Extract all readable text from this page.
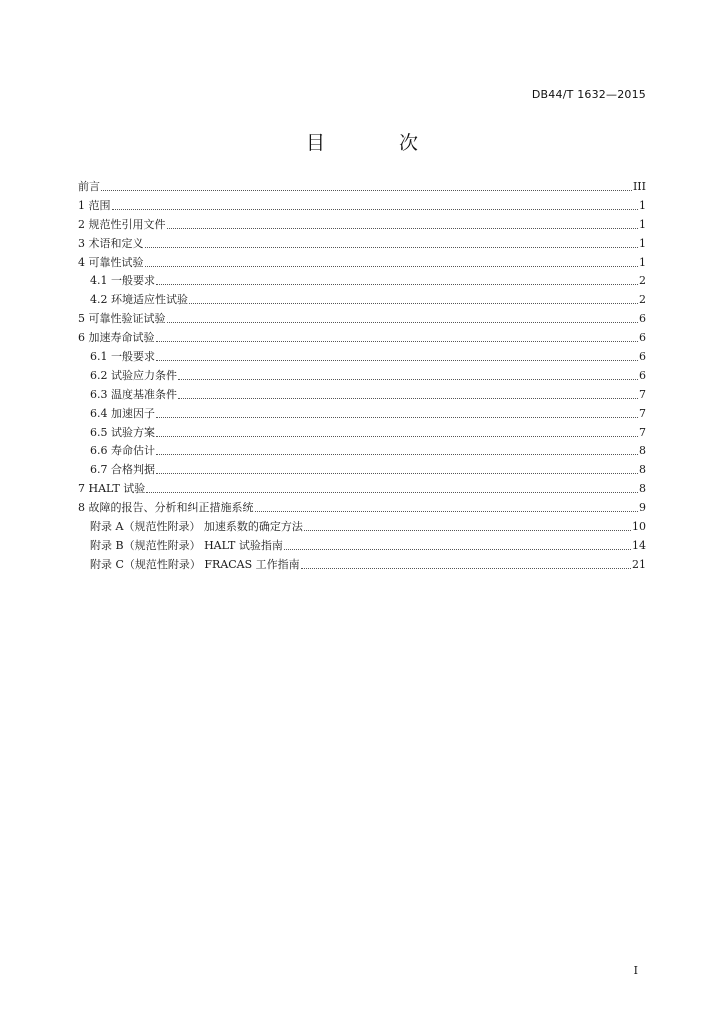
DB44/T 1632—2015
目 次
前言	III
1 范围	1
2 规范性引用文件	1
3 术语和定义	1
4 可靠性试验	1
4.1 一般要求	2
4.2 环境适应性试验	2
5 可靠性验证试验	6
6 加速寿命试验	6
6.1 一般要求	6
6.2 试验应力条件	6
6.3 温度基准条件	7
6.4 加速因子	7
6.5 试验方案	7
6.6 寿命估计	8
6.7 合格判据	8
7 HALT 试验	8
8 故障的报告、分析和纠正措施系统	9
附录 A（规范性附录） 加速系数的确定方法	10
附录 B（规范性附录） HALT 试验指南	14
附录 C（规范性附录） FRACAS 工作指南	21
I
